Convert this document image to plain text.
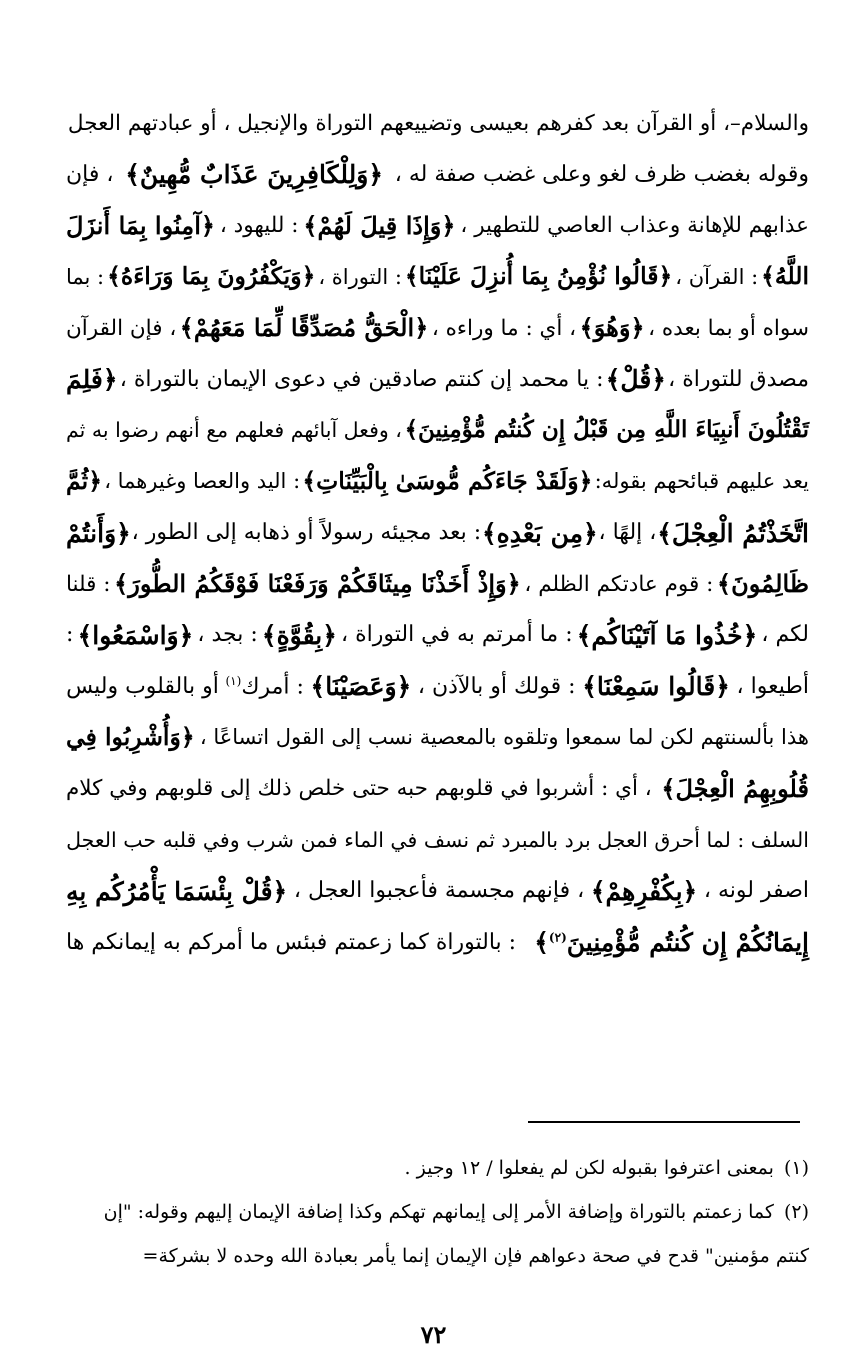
والسلام–، أو القرآن بعد كفرهم بعيسى وتضييعهم التوراة والإنجيل ، أو عبادتهم العجل
وقوله بغضب ظرف لغو وعلى غضب صفة له ،
﴿وَلِلْكَافِرِينَ عَذَابٌ مُّهِينٌ﴾
، فإن
عذابهم للإهانة وعذاب العاصي للتطهير ،
﴿وَإِذَا قِيلَ لَهُمْ﴾
: لليهود ،
﴿آمِنُوا بِمَا أَنزَلَ
اللَّهُ﴾
: القرآن ،
﴿قَالُوا نُؤْمِنُ بِمَا أُنزِلَ عَلَيْنَا﴾
: التوراة ،
﴿وَيَكْفُرُونَ بِمَا وَرَاءَهُ﴾
: بما
سواه أو بما بعده ،
﴿وَهُوَ﴾
، أي : ما وراءه ،
﴿الْحَقُّ مُصَدِّقًا لِّمَا مَعَهُمْ﴾
، فإن القرآن
مصدق للتوراة ،
﴿قُلْ﴾
: يا محمد إن كنتم صادقين في دعوى الإيمان بالتوراة ،
﴿فَلِمَ
تَقْتُلُونَ أَنبِيَاءَ اللَّهِ مِن قَبْلُ إِن كُنتُم مُّؤْمِنِينَ﴾
، وفعل آبائهم فعلهم مع أنهم رضوا به ثم
يعد عليهم قبائحهم بقوله:
﴿وَلَقَدْ جَاءَكُم مُّوسَىٰ بِالْبَيِّنَاتِ﴾
: اليد والعصا وغيرهما ،
﴿ثُمَّ
اتَّخَذْتُمُ الْعِجْلَ﴾
، إلهًا ،
﴿مِن بَعْدِهِ﴾
: بعد مجيئه رسولاً أو ذهابه إلى الطور ،
﴿وَأَنتُمْ
ظَالِمُونَ﴾
: قوم عادتكم الظلم ،
﴿وَإِذْ أَخَذْنَا مِيثَاقَكُمْ وَرَفَعْنَا فَوْقَكُمُ الطُّورَ﴾
: قلنا
لكم ،
﴿خُذُوا مَا آتَيْنَاكُم﴾
: ما أمرتم به في التوراة ،
﴿بِقُوَّةٍ﴾
: بجد ،
﴿وَاسْمَعُوا﴾
:
أطيعوا ،
﴿قَالُوا سَمِعْنَا﴾
: قولك أو بالآذن ،
﴿وَعَصَيْنَا﴾
: أمرك$^{(١)}$
أو بالقلوب وليس
هذا بألسنتهم لكن لما سمعوا وتلقوه بالمعصية نسب إلى القول اتساعًا ،
﴿وَأُشْرِبُوا فِي
قُلُوبِهِمُ الْعِجْلَ﴾
، أي : أشربوا في قلوبهم حبه حتى خلص ذلك إلى قلوبهم وفي كلام
السلف : لما أحرق العجل برد بالمبرد ثم نسف في الماء فمن شرب وفي قلبه حب العجل
اصفر لونه ،
﴿بِكُفْرِهِمْ﴾
، فإنهم مجسمة فأعجبوا العجل ،
﴿قُلْ بِئْسَمَا يَأْمُرُكُم بِهِ
إِيمَانُكُمْ إِن كُنتُم مُّؤْمِنِينَ$^{(٢)}$﴾
: بالتوراة كما زعمتم فبئس ما أمركم به إيمانكم ها
(١)
بمعنى اعترفوا بقبوله لكن لم يفعلوا / ١٢ وجيز .
(٢)
كما زعمتم بالتوراة وإضافة الأمر إلى إيمانهم تهكم وكذا إضافة الإيمان إليهم وقوله: "إن
كنتم مؤمنين" قدح في صحة دعواهم فإن الإيمان إنما يأمر بعبادة الله وحده لا بشركة=
٧٢
